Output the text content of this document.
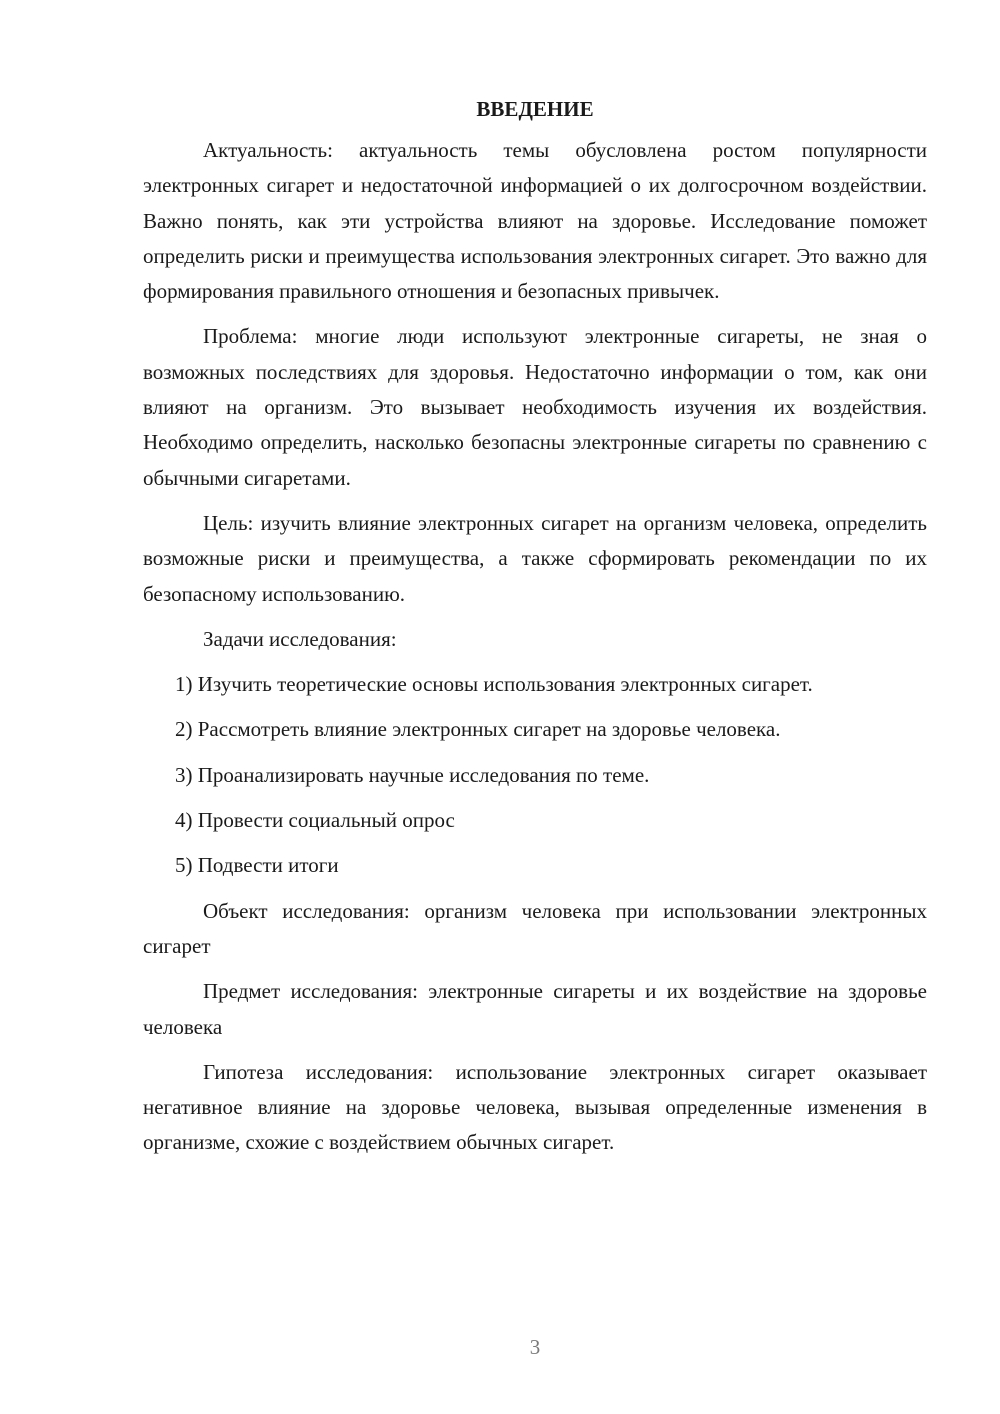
ВВЕДЕНИЕ

Актуальность: актуальность темы обусловлена ростом популярности электронных сигарет и недостаточной информацией о их долгосрочном воздействии. Важно понять, как эти устройства влияют на здоровье. Исследование поможет определить риски и преимущества использования электронных сигарет. Это важно для формирования правильного отношения и безопасных привычек.

Проблема: многие люди используют электронные сигареты, не зная о возможных последствиях для здоровья. Недостаточно информации о том, как они влияют на организм. Это вызывает необходимость изучения их воздействия. Необходимо определить, насколько безопасны электронные сигареты по сравнению с обычными сигаретами.

Цель: изучить влияние электронных сигарет на организм человека, определить возможные риски и преимущества, а также сформировать рекомендации по их безопасному использованию.

Задачи исследования:

1) Изучить теоретические основы использования электронных сигарет.

2) Рассмотреть влияние электронных сигарет на здоровье человека.

3) Проанализировать научные исследования по теме.

4) Провести социальный опрос

5) Подвести итоги

Объект исследования: организм человека при использовании электронных сигарет

Предмет исследования: электронные сигареты и их воздействие на здоровье человека

Гипотеза исследования: использование электронных сигарет оказывает негативное влияние на здоровье человека, вызывая определенные изменения в организме, схожие с воздействием обычных сигарет.

3
